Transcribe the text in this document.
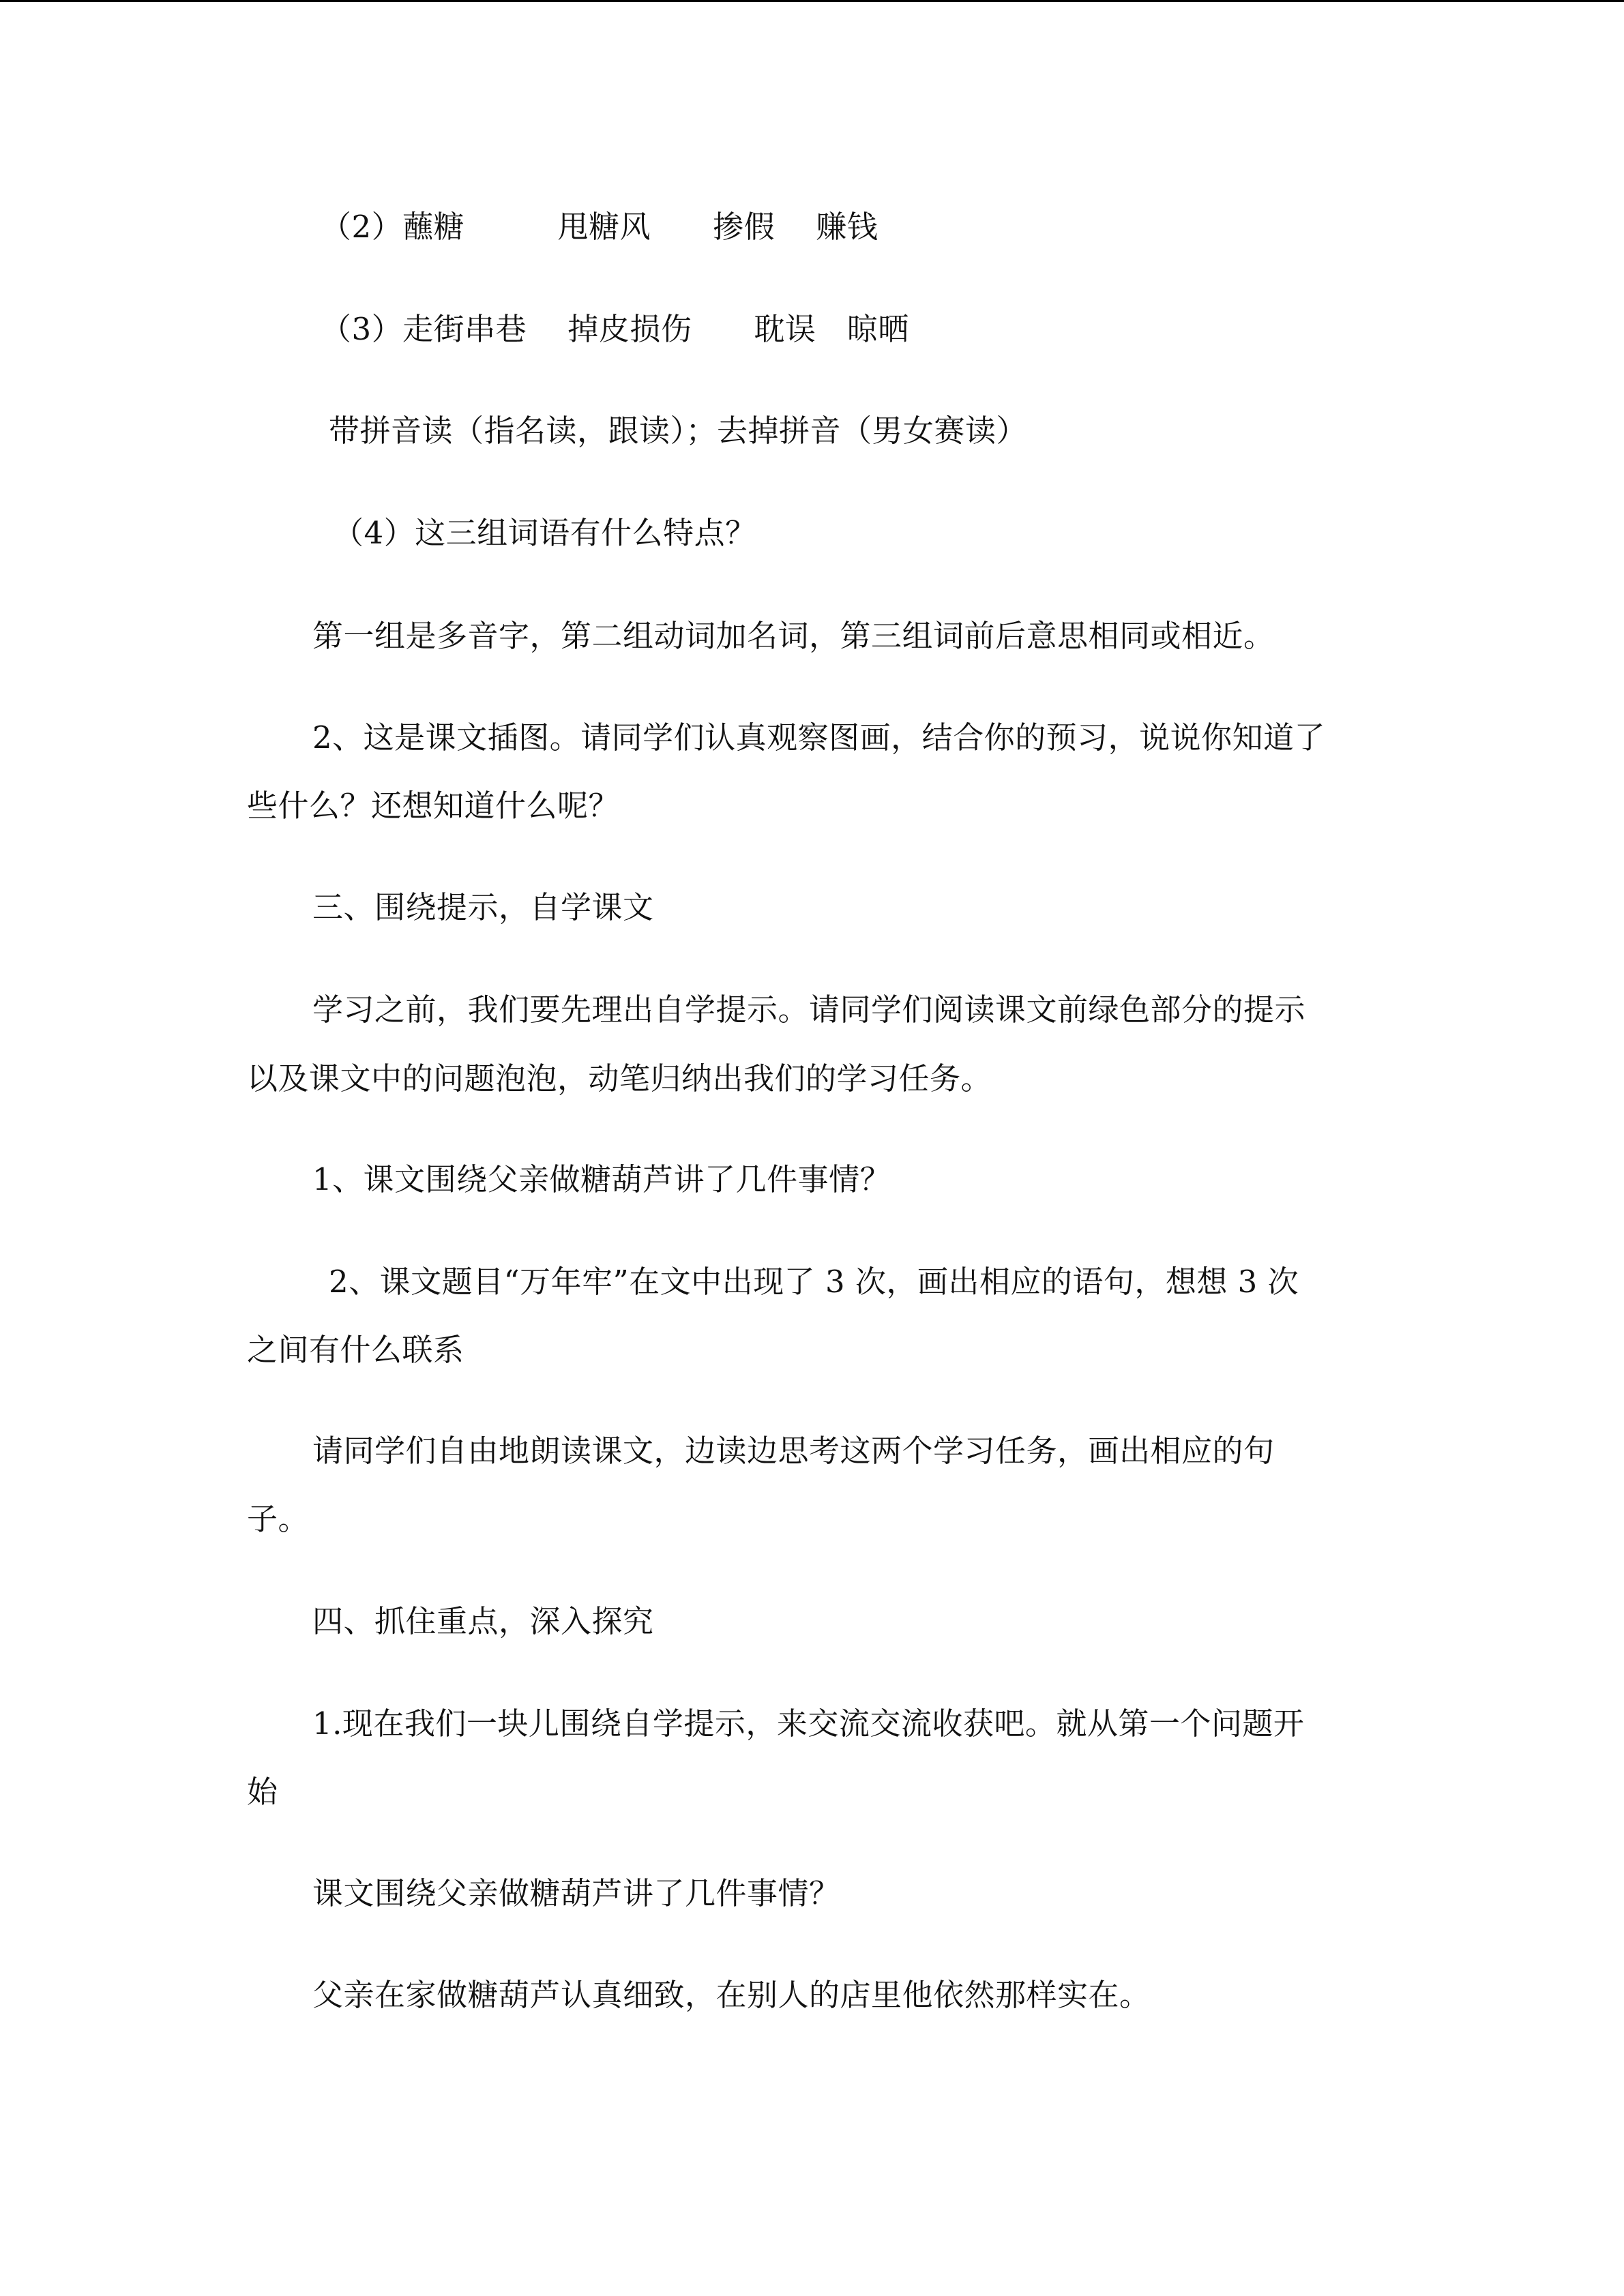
（2）蘸糖　　　甩糖风　　掺假　 赚钱
（3）走街串巷　 掉皮损伤　　耽误　晾晒
带拼音读（指名读，跟读）；去掉拼音（男女赛读）
（4）这三组词语有什么特点？
第一组是多音字，第二组动词加名词，第三组词前后意思相同或相近。
2、这是课文插图。请同学们认真观察图画，结合你的预习，说说你知道了
些什么？还想知道什么呢？
三、围绕提示，自学课文
学习之前，我们要先理出自学提示。请同学们阅读课文前绿色部分的提示
以及课文中的问题泡泡，动笔归纳出我们的学习任务。
1、课文围绕父亲做糖葫芦讲了几件事情？
2、课文题目“万年牢”在文中出现了 3 次，画出相应的语句，想想 3 次
之间有什么联系
请同学们自由地朗读课文，边读边思考这两个学习任务，画出相应的句
子。
四、抓住重点，深入探究
1.现在我们一块儿围绕自学提示，来交流交流收获吧。就从第一个问题开
始
课文围绕父亲做糖葫芦讲了几件事情？
父亲在家做糖葫芦认真细致，在别人的店里他依然那样实在。
